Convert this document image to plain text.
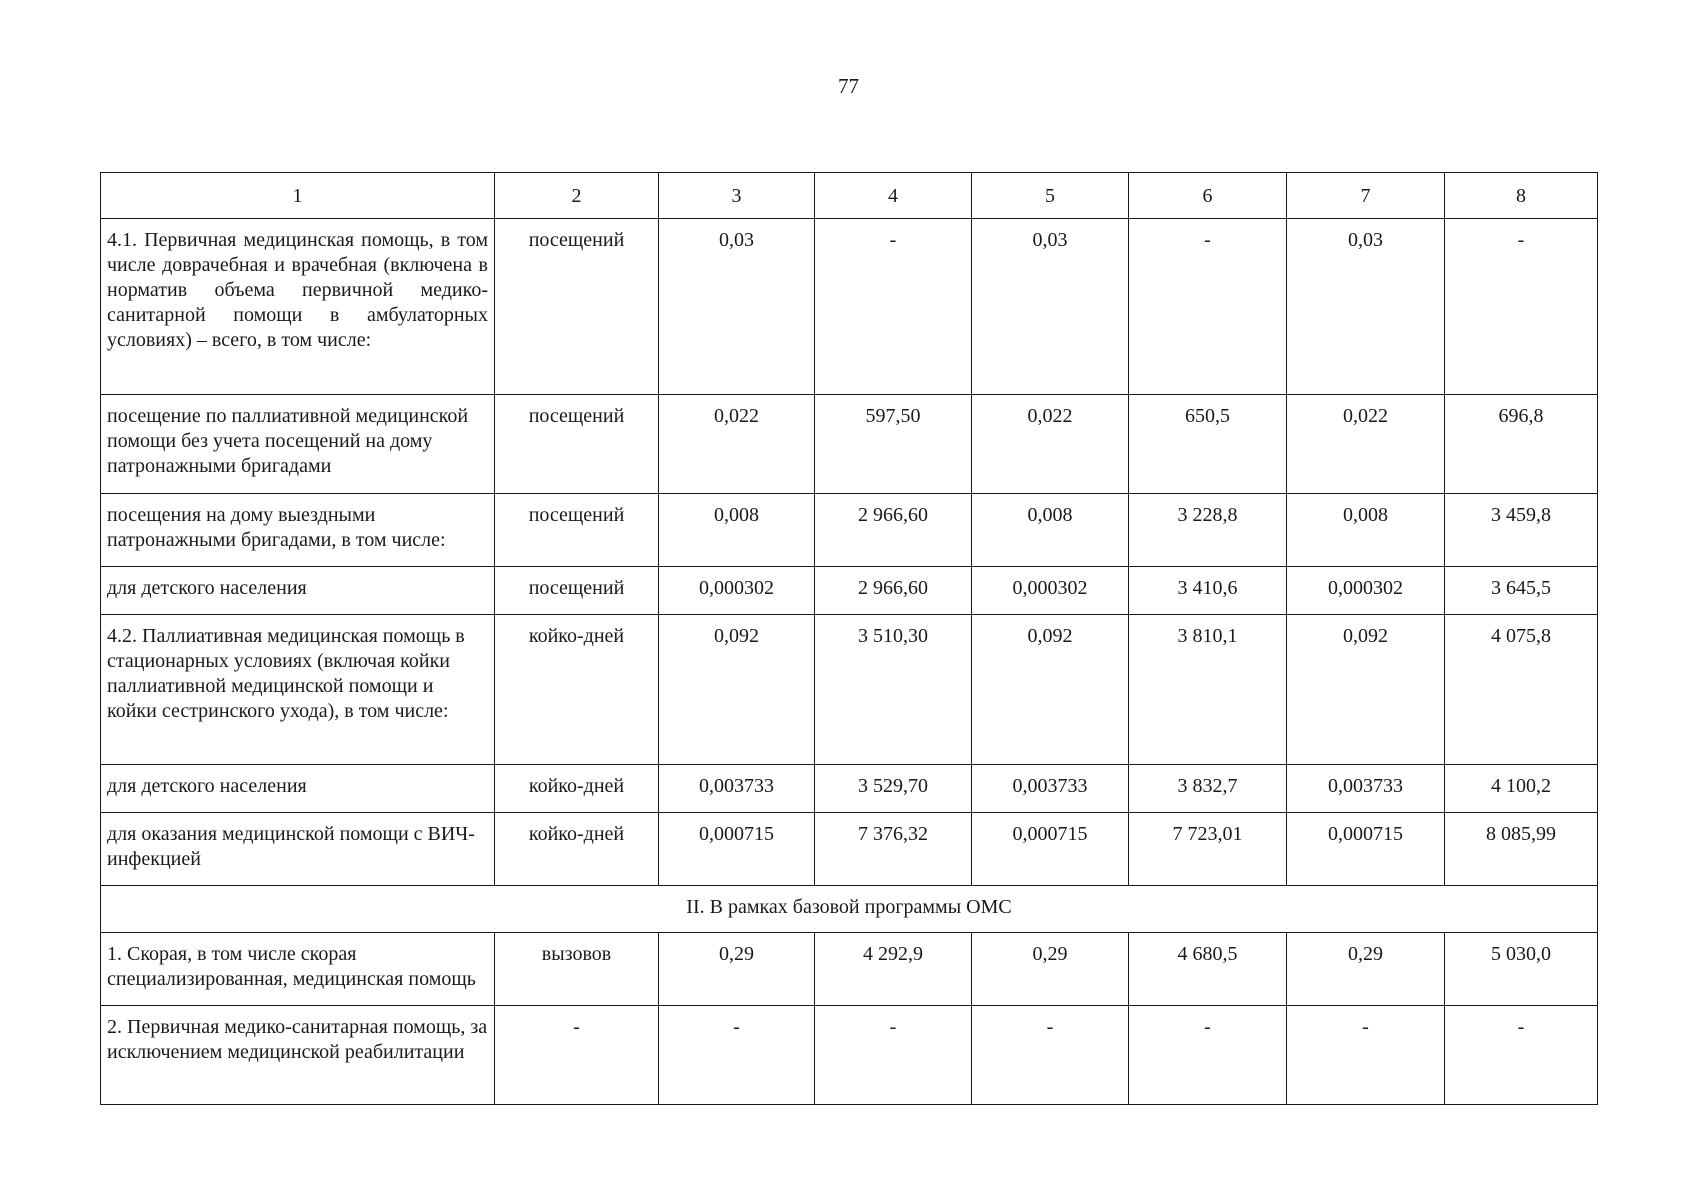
77
1	2	3	4	5	6	7	8
4.1. Первичная медицинская помощь, в том числе доврачебная и врачебная (включена в норматив объема первичной медико-санитарной помощи в амбулаторных условиях) – всего, в том числе:	посещений	0,03	-	0,03	-	0,03	-
посещение по паллиативной медицинской помощи без учета посещений на дому патронажными бригадами	посещений	0,022	597,50	0,022	650,5	0,022	696,8
посещения на дому выездными патронажными бригадами, в том числе:	посещений	0,008	2 966,60	0,008	3 228,8	0,008	3 459,8
для детского населения	посещений	0,000302	2 966,60	0,000302	3 410,6	0,000302	3 645,5
4.2. Паллиативная медицинская помощь в стационарных условиях (включая койки паллиативной медицинской помощи и койки сестринского ухода), в том числе:	койко-дней	0,092	3 510,30	0,092	3 810,1	0,092	4 075,8
для детского населения	койко-дней	0,003733	3 529,70	0,003733	3 832,7	0,003733	4 100,2
для оказания медицинской помощи с ВИЧ-инфекцией	койко-дней	0,000715	7 376,32	0,000715	7 723,01	0,000715	8 085,99
II. В рамках базовой программы ОМС							
1. Скорая, в том числе скорая специализированная, медицинская помощь	вызовов	0,29	4 292,9	0,29	4 680,5	0,29	5 030,0
2. Первичная медико-санитарная помощь, за исключением медицинской реабилитации	-	-	-	-	-	-	-
